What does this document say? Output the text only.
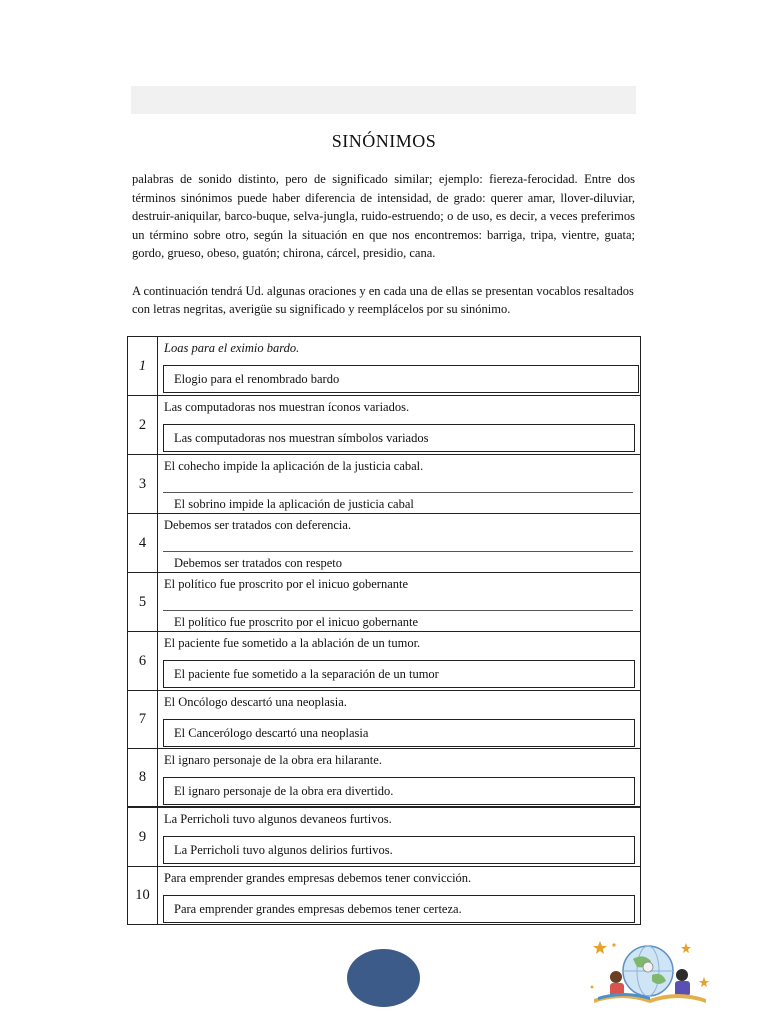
SINÓNIMOS
palabras de sonido distinto, pero de significado similar; ejemplo: fiereza-ferocidad. Entre dos términos sinónimos puede haber diferencia de intensidad, de grado: querer amar, llover-diluviar, destruir-aniquilar, barco-buque, selva-jungla, ruido-estruendo; o de uso, es decir, a veces preferimos un término sobre otro, según la situación en que nos encontremos: barriga, tripa, vientre, guata; gordo, grueso, obeso, guatón; chirona, cárcel, presidio, cana.
A continuación tendrá Ud. algunas oraciones y en cada una de ellas se presentan vocablos resaltados con letras negritas, averigüe su significado y reemplácelos por su sinónimo.
1
Loas para el eximio bardo.
Elogio para el renombrado bardo
2
Las computadoras nos muestran íconos variados.
Las computadoras nos muestran símbolos variados
3
El cohecho impide la aplicación de la justicia cabal.
El sobrino impide la aplicación de justicia cabal
4
Debemos ser tratados con deferencia.
Debemos ser tratados con respeto
5
El político fue proscrito por el inicuo gobernante
El político fue proscrito por el inicuo gobernante
6
El paciente fue sometido a la ablación de un tumor.
El paciente fue sometido a la separación de un tumor
7
El Oncólogo descartó una neoplasia.
El Cancerólogo descartó una neoplasia
8
El ignaro personaje de la obra era hilarante.
El ignaro personaje de la obra era divertido.
9
La Perricholi tuvo algunos devaneos furtivos.
La Perricholi tuvo algunos delirios furtivos.
10
Para emprender grandes empresas debemos tener convicción.
Para emprender grandes empresas debemos tener certeza.
